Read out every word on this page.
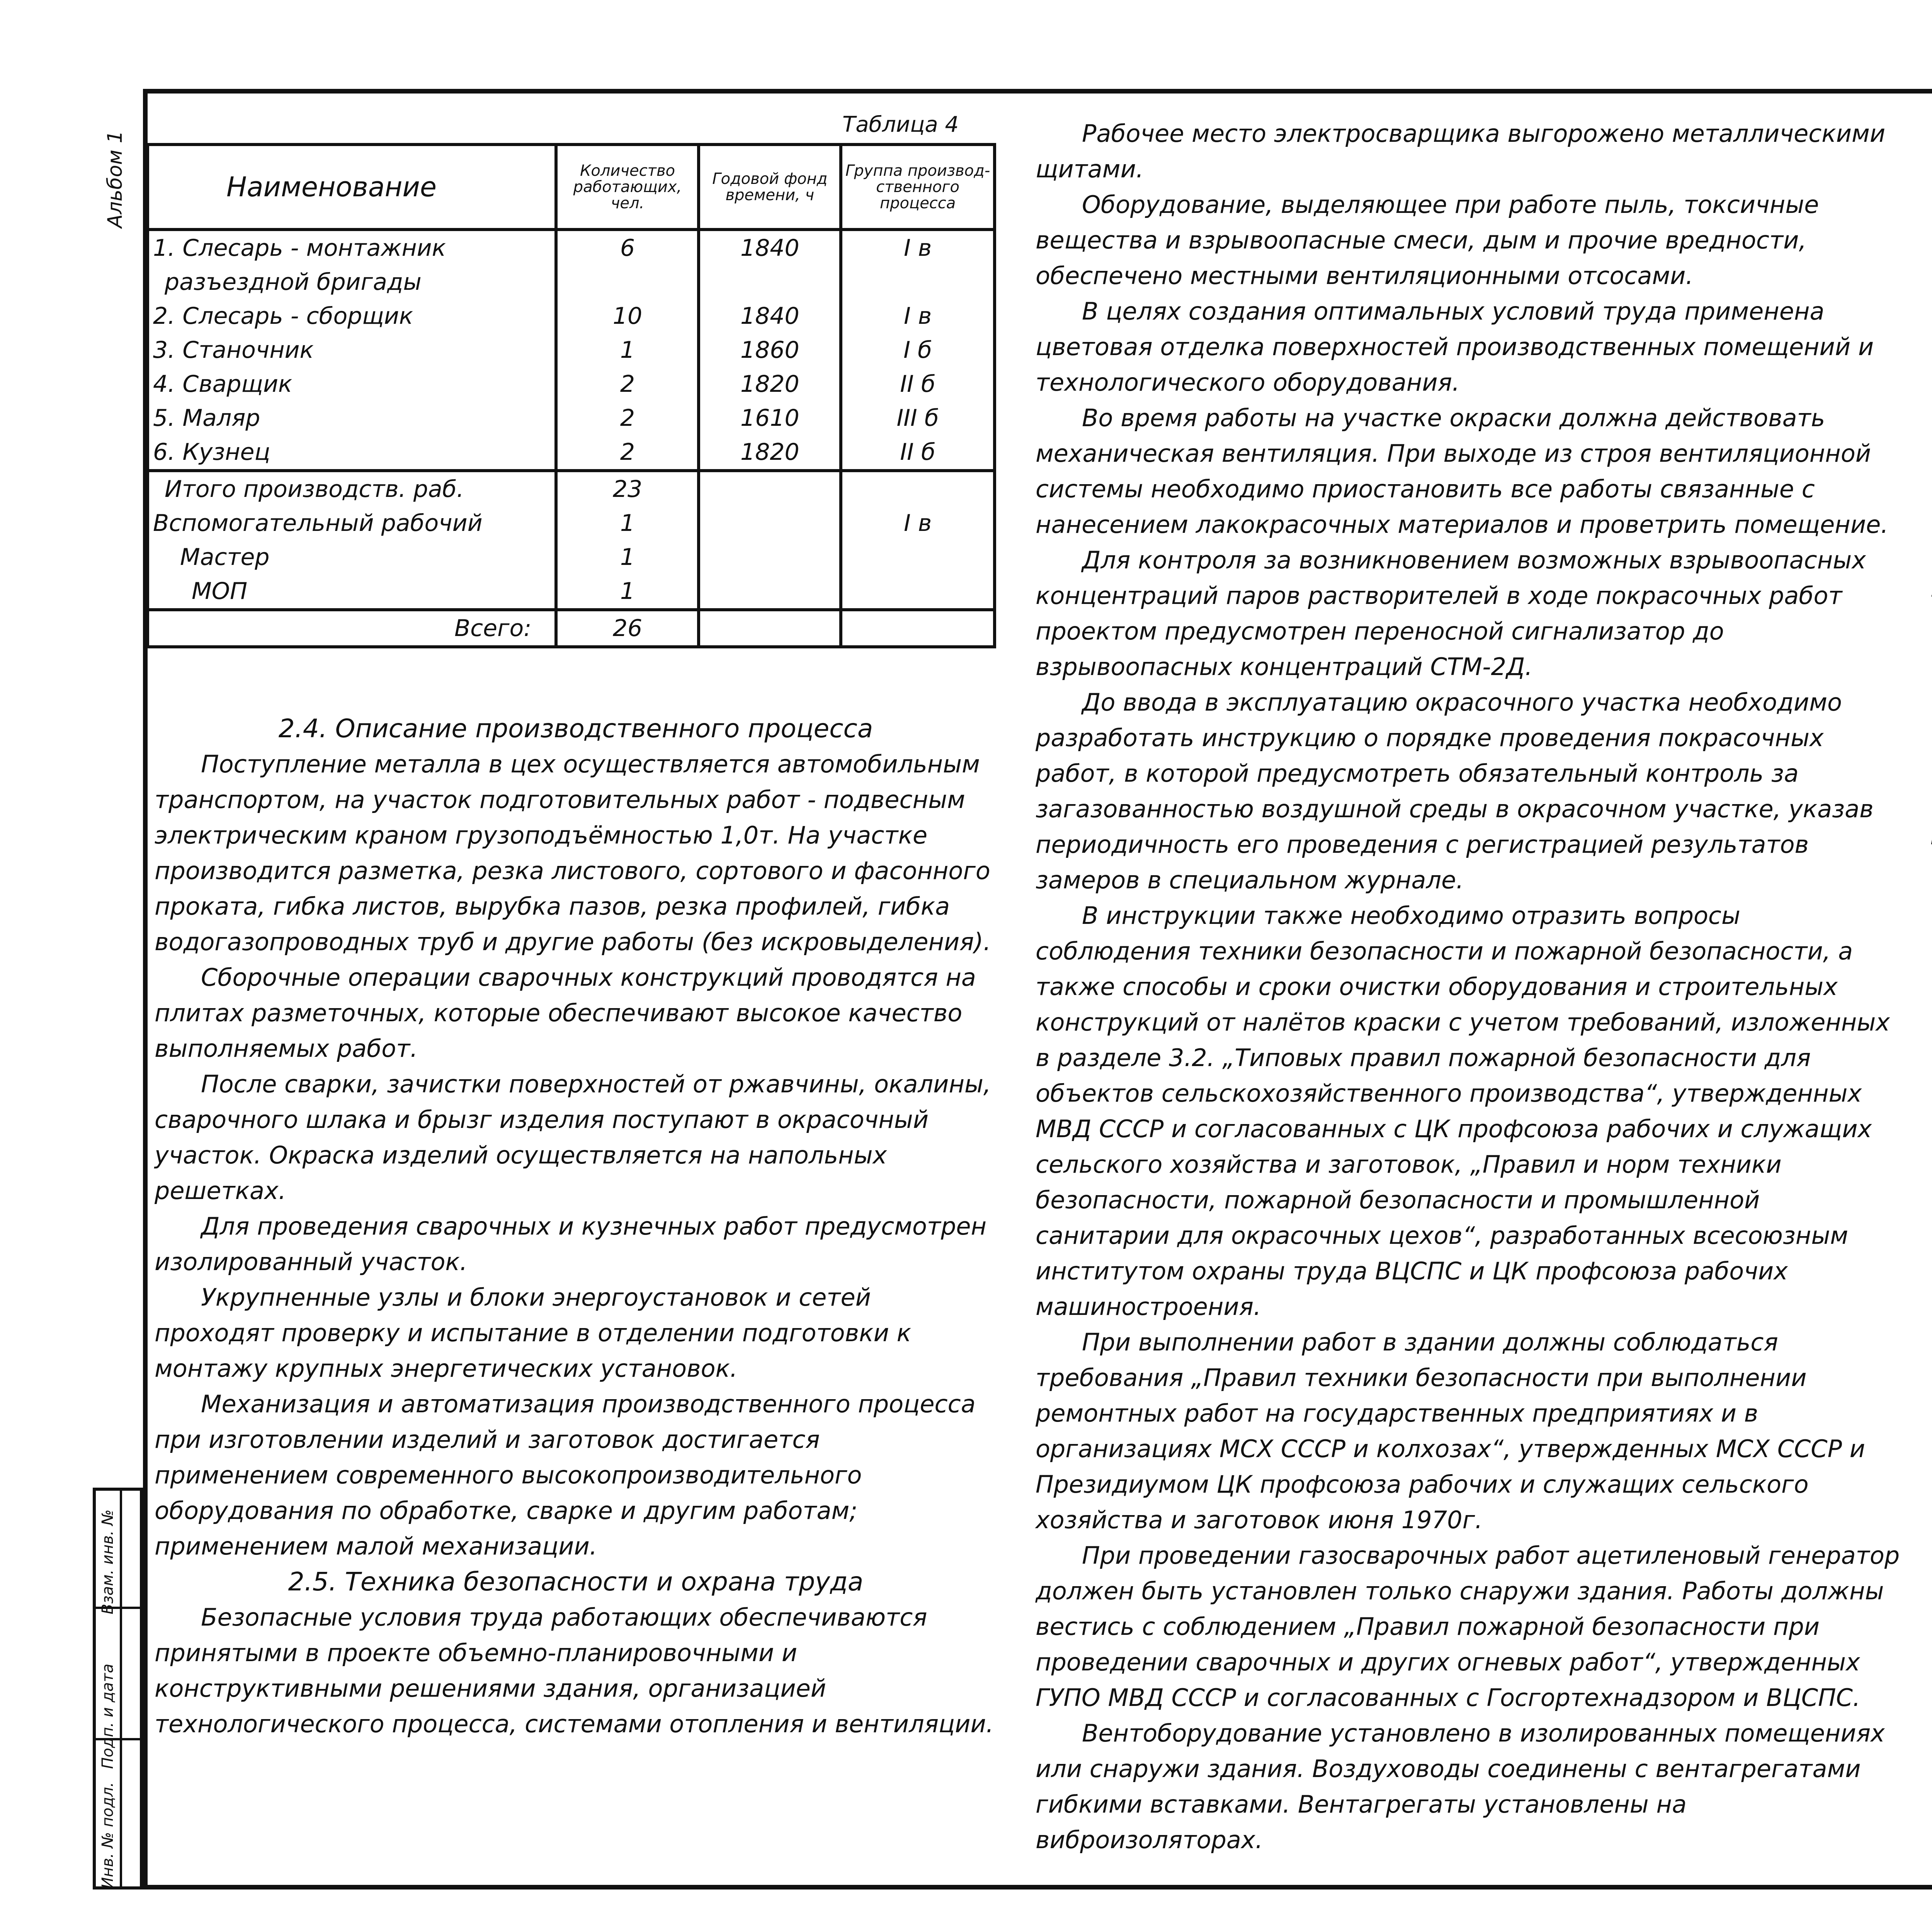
Альбом 1
Инв. № подл.
Подп. и дата
Взам. инв. №
Таблица 4
Наименование	Количество работающих, чел.	Годовой фонд времени, ч	Группа производ-ственного процесса
1. Слесарь - монтажник	6	1840	I в
разъездной бригады			
2. Слесарь - сборщик	10	1840	I в
3. Станочник	1	1860	I б
4. Сварщик	2	1820	II б
5. Маляр	2	1610	III б
6. Кузнец	2	1820	II б
Итого производств. раб.	23		
Вспомогательный рабочий	1		I в
Мастер	1		
МОП	1		
Всего:	26		

2.4. Описание производственного процесса

Поступление металла в цех осуществляется автомобильным транспортом, на участок подготовительных работ - подвесным электрическим краном грузоподъёмностью 1,0т. На участке производится разметка, резка листового, сортового и фасонного проката, гибка листов, вырубка пазов, резка профилей, гибка водогазопроводных труб и другие работы (без искровыделения).

Сборочные операции сварочных конструкций проводятся на плитах разметочных, которые обеспечивают высокое качество выполняемых работ.

После сварки, зачистки поверхностей от ржавчины, окалины, сварочного шлака и брызг изделия поступают в окрасочный участок. Окраска изделий осуществляется на напольных решетках.

Для проведения сварочных и кузнечных работ предусмотрен изолированный участок.

Укрупненные узлы и блоки энергоустановок и сетей проходят проверку и испытание в отделении подготовки к монтажу крупных энергетических установок.

Механизация и автоматизация производственного процесса при изготовлении изделий и заготовок достигается применением современного высокопроизводительного оборудования по обработке, сварке и другим работам; применением малой механизации.

2.5. Техника безопасности и охрана труда

Безопасные условия труда работающих обеспечиваются принятыми в проекте объемно-планировочными и конструктивными решениями здания, организацией технологического процесса, системами отопления и вентиляции.

Рабочее место электросварщика выгорожено металлическими щитами.

Оборудование, выделяющее при работе пыль, токсичные вещества и взрывоопасные смеси, дым и прочие вредности, обеспечено местными вентиляционными отсосами.

В целях создания оптимальных условий труда применена цветовая отделка поверхностей производственных помещений и технологического оборудования.

Во время работы на участке окраски должна действовать механическая вентиляция. При выходе из строя вентиляционной системы необходимо приостановить все работы связанные с нанесением лакокрасочных материалов и проветрить помещение.

Для контроля за возникновением возможных взрывоопасных концентраций паров растворителей в ходе покрасочных работ проектом предусмотрен переносной сигнализатор до взрывоопасных концентраций СТМ-2Д.

До ввода в эксплуатацию окрасочного участка необходимо разработать инструкцию о порядке проведения покрасочных работ, в которой предусмотреть обязательный контроль за загазованностью воздушной среды в окрасочном участке, указав периодичность его проведения с регистрацией результатов замеров в специальном журнале.

В инструкции также необходимо отразить вопросы соблюдения техники безопасности и пожарной безопасности, а также способы и сроки очистки оборудования и строительных конструкций от налётов краски с учетом требований, изложенных в разделе 3.2. „Типовых правил пожарной безопасности для объектов сельскохозяйственного производства“, утвержденных МВД СССР и согласованных с ЦК профсоюза рабочих и служащих сельского хозяйства и заготовок, „Правил и норм техники безопасности, пожарной безопасности и промышленной санитарии для окрасочных цехов“, разработанных всесоюзным институтом охраны труда ВЦСПС и ЦК профсоюза рабочих машиностроения.

При выполнении работ в здании должны соблюдаться требования „Правил техники безопасности при выполнении ремонтных работ на государственных предприятиях и в организациях МСХ СССР и колхозах“, утвержденных МСХ СССР и Президиумом ЦК профсоюза рабочих и служащих сельского хозяйства и заготовок июня 1970г.

При проведении газосварочных работ ацетиленовый генератор должен быть установлен только снаружи здания. Работы должны вестись с соблюдением „Правил пожарной безопасности при проведении сварочных и других огневых работ“, утвержденных ГУПО МВД СССР и согласованных с Госгортехнадзором и ВЦСПС.

Вентоборудование установлено в изолированных помещениях или снаружи здания. Воздуховоды соединены с вентагрегатами гибкими вставками. Вентагрегаты установлены на виброизоляторах.
